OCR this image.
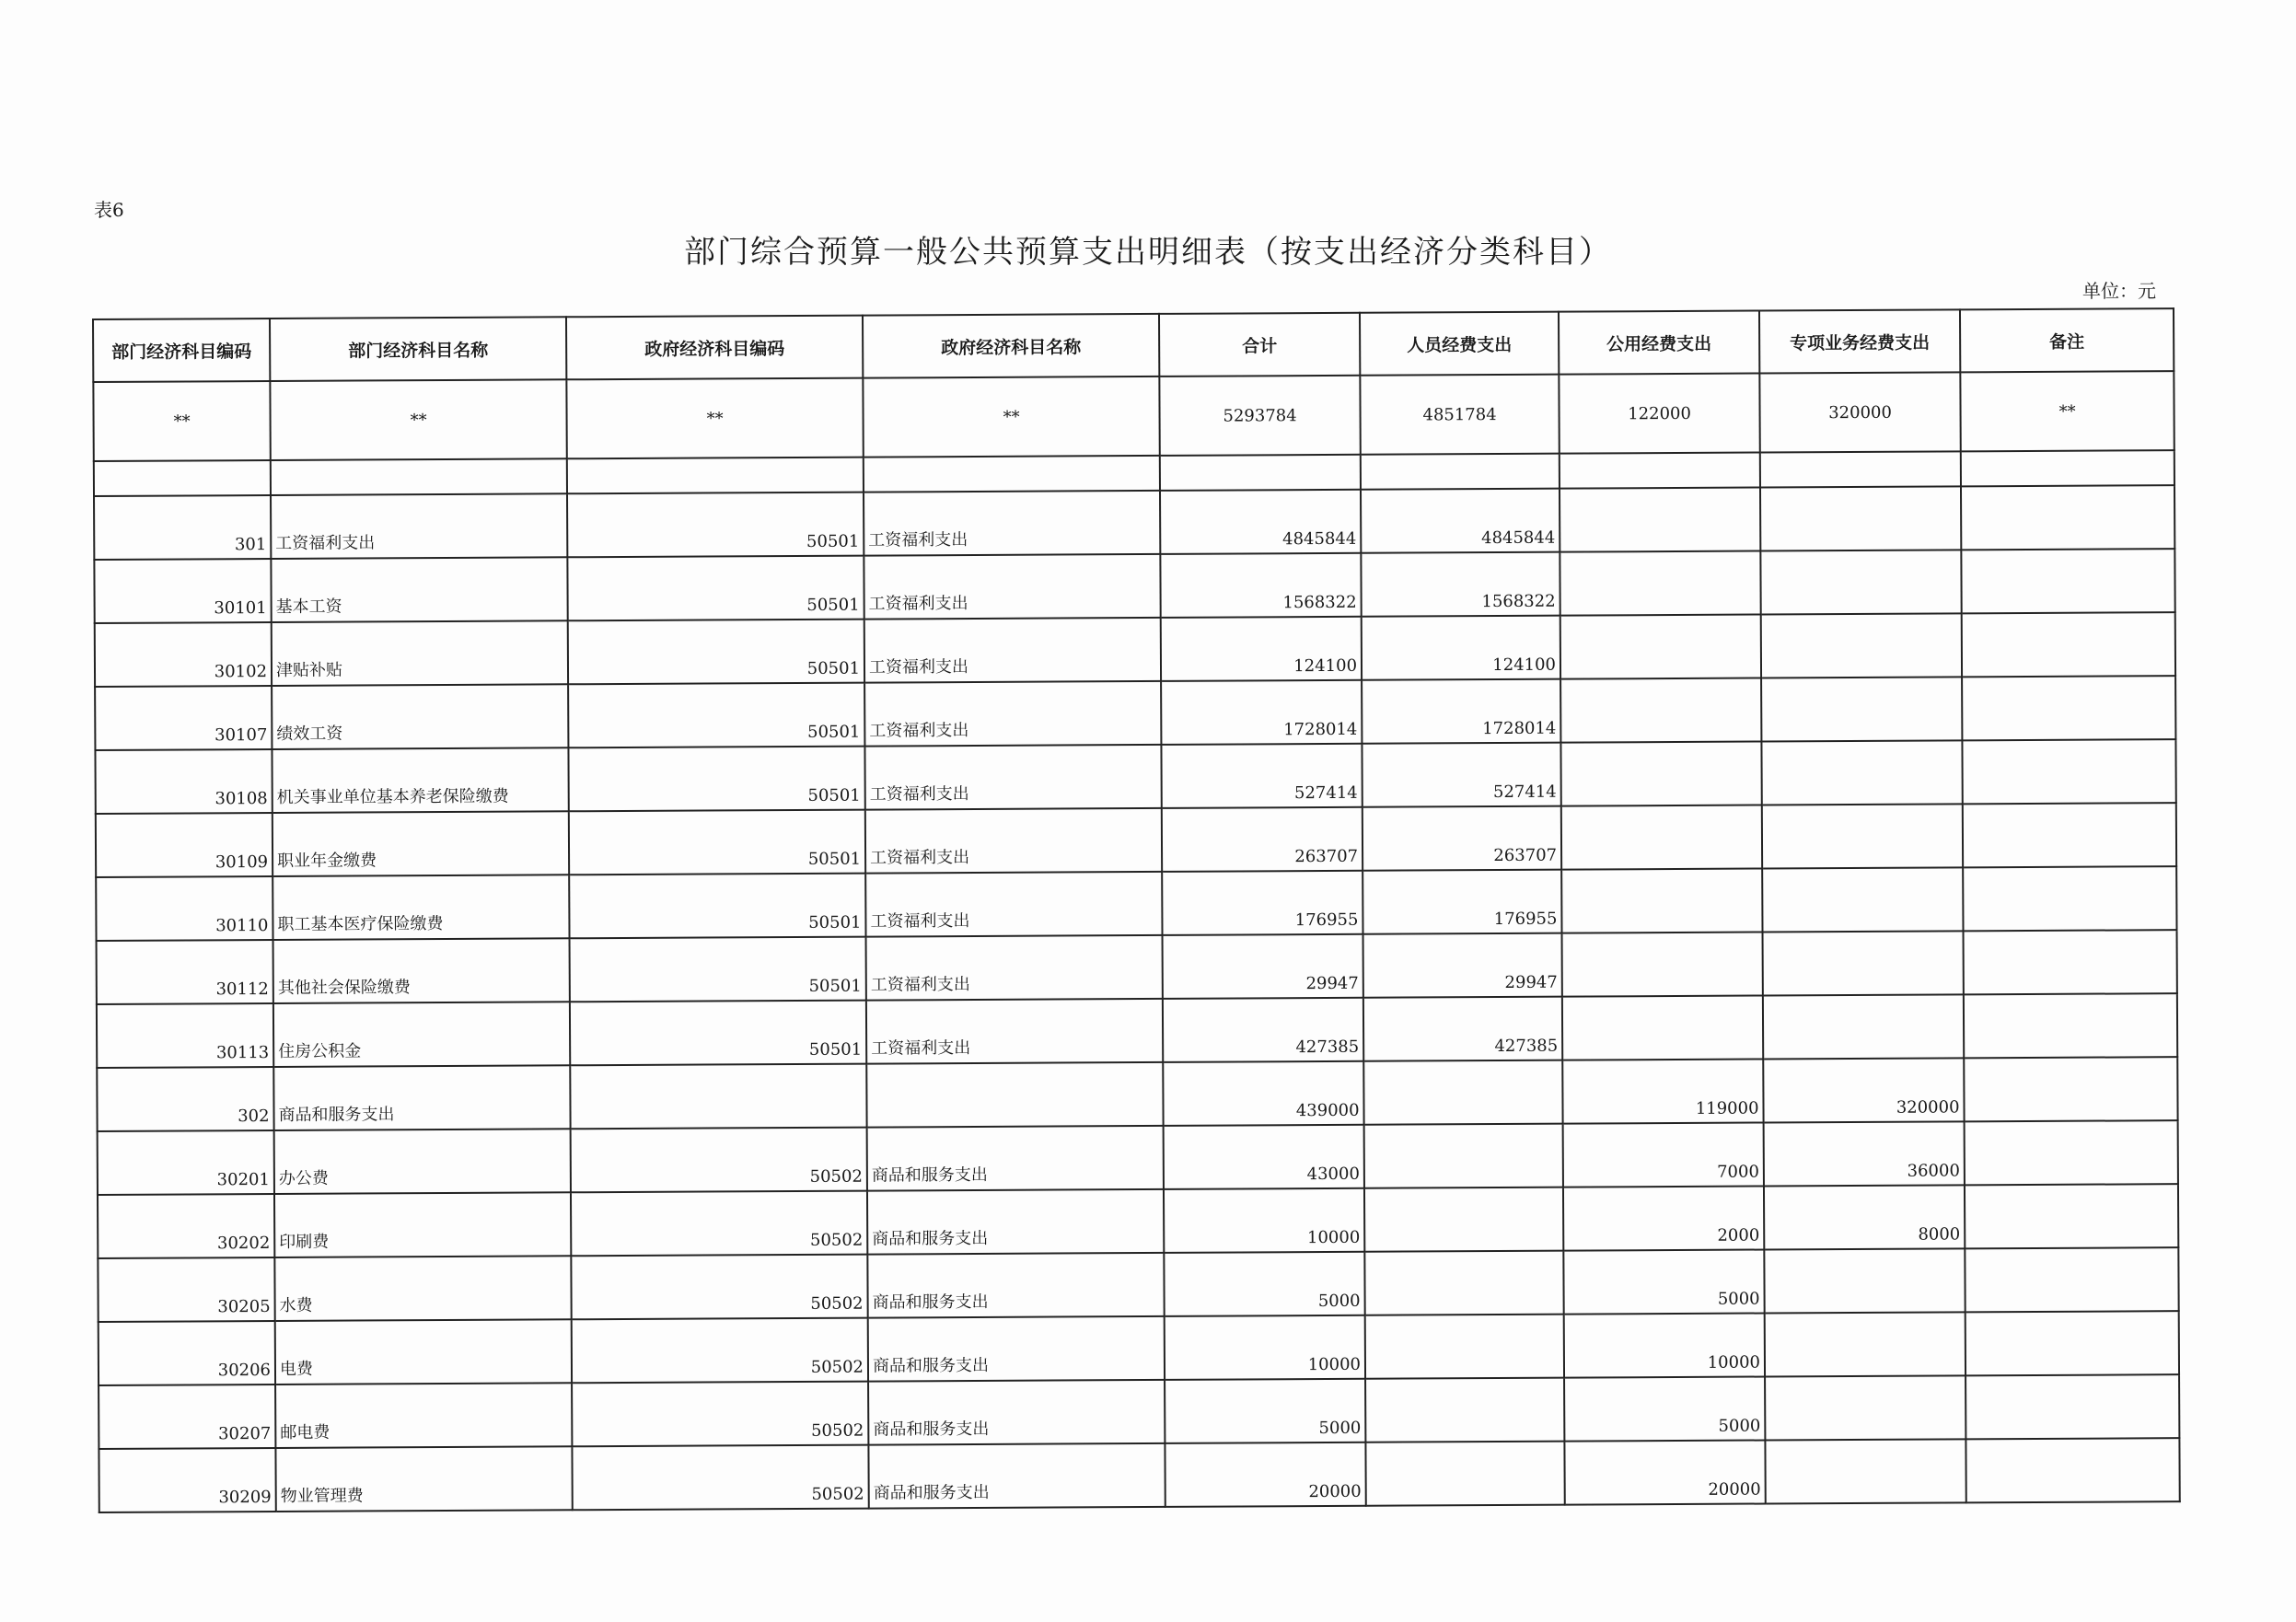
表6
部门综合预算一般公共预算支出明细表（按支出经济分类科目）
单位：元
部门经济科目编码	部门经济科目名称	政府经济科目编码	政府经济科目名称	合计	人员经费支出	公用经费支出	专项业务经费支出	备注
**	**	**	**	5293784	4851784	122000	320000	**

301	工资福利支出	50501	工资福利支出	4845844	4845844			
30101	基本工资	50501	工资福利支出	1568322	1568322			
30102	津贴补贴	50501	工资福利支出	124100	124100			
30107	绩效工资	50501	工资福利支出	1728014	1728014			
30108	机关事业单位基本养老保险缴费	50501	工资福利支出	527414	527414			
30109	职业年金缴费	50501	工资福利支出	263707	263707			
30110	职工基本医疗保险缴费	50501	工资福利支出	176955	176955			
30112	其他社会保险缴费	50501	工资福利支出	29947	29947			
30113	住房公积金	50501	工资福利支出	427385	427385			
302	商品和服务支出			439000		119000	320000	
30201	办公费	50502	商品和服务支出	43000		7000	36000	
30202	印刷费	50502	商品和服务支出	10000		2000	8000	
30205	水费	50502	商品和服务支出	5000		5000		
30206	电费	50502	商品和服务支出	10000		10000		
30207	邮电费	50502	商品和服务支出	5000		5000		
30209	物业管理费	50502	商品和服务支出	20000		20000		
